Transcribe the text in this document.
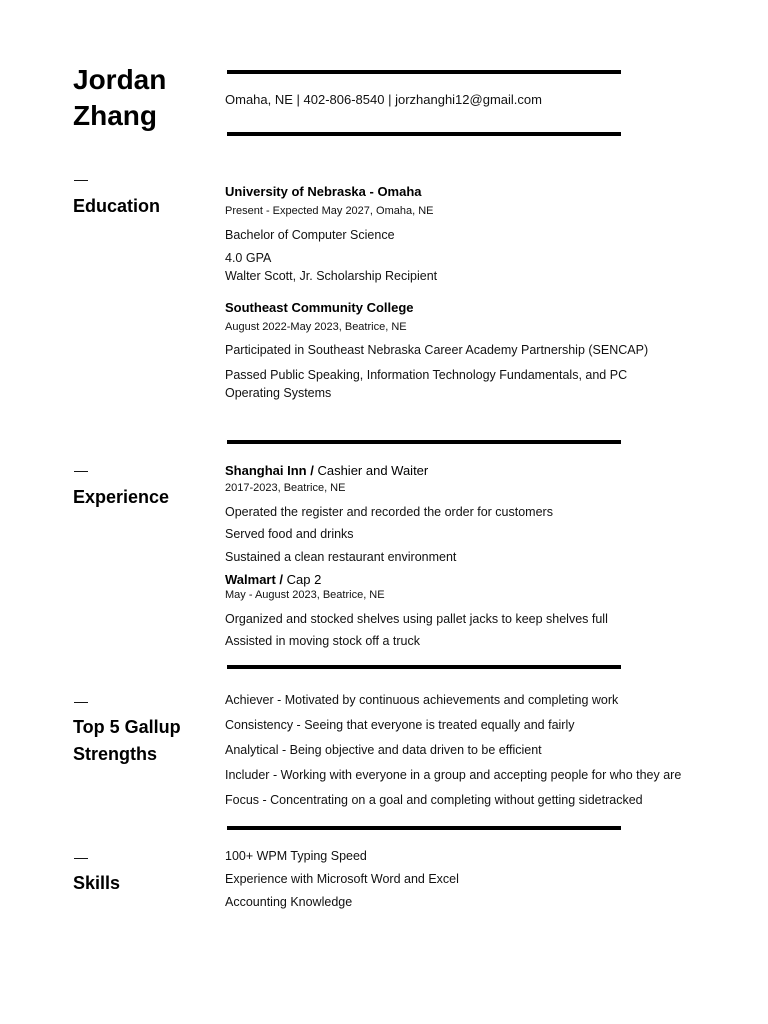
Jordan
Zhang
Omaha, NE | 402-806-8540 | jorzhanghi12@gmail.com
—
Education
University of Nebraska - Omaha
Present - Expected May 2027, Omaha, NE
Bachelor of Computer Science
4.0 GPA
Walter Scott, Jr. Scholarship Recipient
Southeast Community College
August 2022-May 2023, Beatrice, NE
Participated in Southeast Nebraska Career Academy Partnership (SENCAP)
Passed Public Speaking, Information Technology Fundamentals, and PC Operating Systems
—
Experience
Shanghai Inn / Cashier and Waiter
2017-2023, Beatrice, NE
Operated the register and recorded the order for customers
Served food and drinks
Sustained a clean restaurant environment
Walmart / Cap 2
May - August 2023, Beatrice, NE
Organized and stocked shelves using pallet jacks to keep shelves full
Assisted in moving stock off a truck
—
Top 5 Gallup
Strengths
Achiever - Motivated by continuous achievements and completing work
Consistency - Seeing that everyone is treated equally and fairly
Analytical - Being objective and data driven to be efficient
Includer - Working with everyone in a group and accepting people for who they are
Focus - Concentrating on a goal and completing without getting sidetracked
—
Skills
100+ WPM Typing Speed
Experience with Microsoft Word and Excel
Accounting Knowledge
